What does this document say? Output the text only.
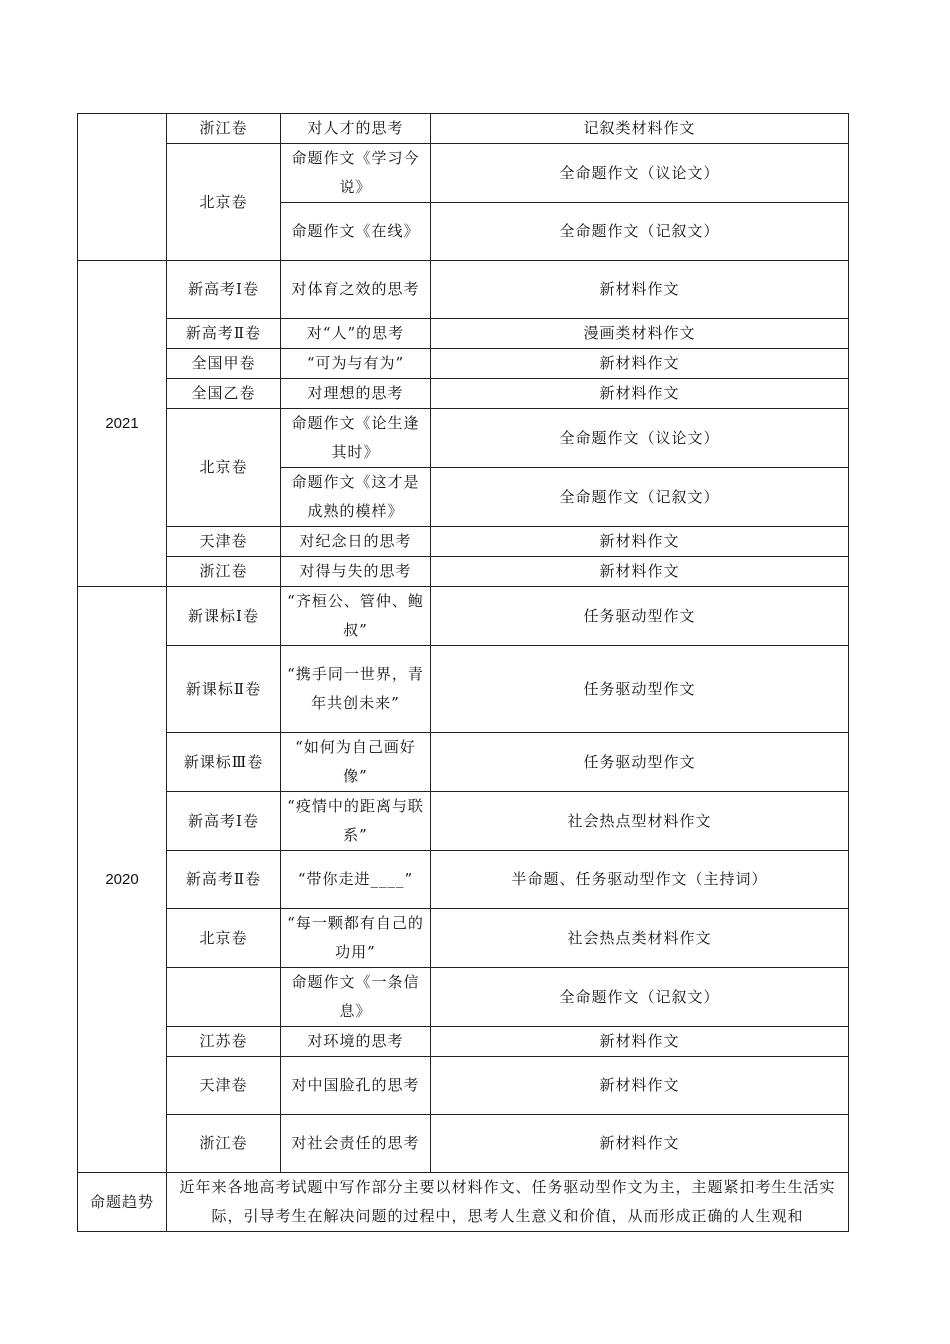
	浙江卷	对人才的思考	记叙类材料作文
	北京卷	命题作文《学习今说》	全命题作文（议论文）
		命题作文《在线》	全命题作文（记叙文）
2021	新高考Ⅰ卷	对体育之效的思考	新材料作文
	新高考Ⅱ卷	对“人”的思考	漫画类材料作文
	全国甲卷	“可为与有为”	新材料作文
	全国乙卷	对理想的思考	新材料作文
	北京卷	命题作文《论生逢其时》	全命题作文（议论文）
		命题作文《这才是成熟的模样》	全命题作文（记叙文）
	天津卷	对纪念日的思考	新材料作文
	浙江卷	对得与失的思考	新材料作文
2020	新课标Ⅰ卷	“齐桓公、管仲、鲍叔”	任务驱动型作文
	新课标Ⅱ卷	“携手同一世界，青年共创未来”	任务驱动型作文
	新课标Ⅲ卷	“如何为自己画好像”	任务驱动型作文
	新高考Ⅰ卷	“疫情中的距离与联系”	社会热点型材料作文
	新高考Ⅱ卷	“带你走进____”	半命题、任务驱动型作文（主持词）
	北京卷	“每一颗都有自己的功用”	社会热点类材料作文
		命题作文《一条信息》	全命题作文（记叙文）
	江苏卷	对环境的思考	新材料作文
	天津卷	对中国脸孔的思考	新材料作文
	浙江卷	对社会责任的思考	新材料作文
命题趋势	近年来各地高考试题中写作部分主要以材料作文、任务驱动型作文为主，主题紧扣考生生活实际，引导考生在解决问题的过程中，思考人生意义和价值，从而形成正确的人生观和		
